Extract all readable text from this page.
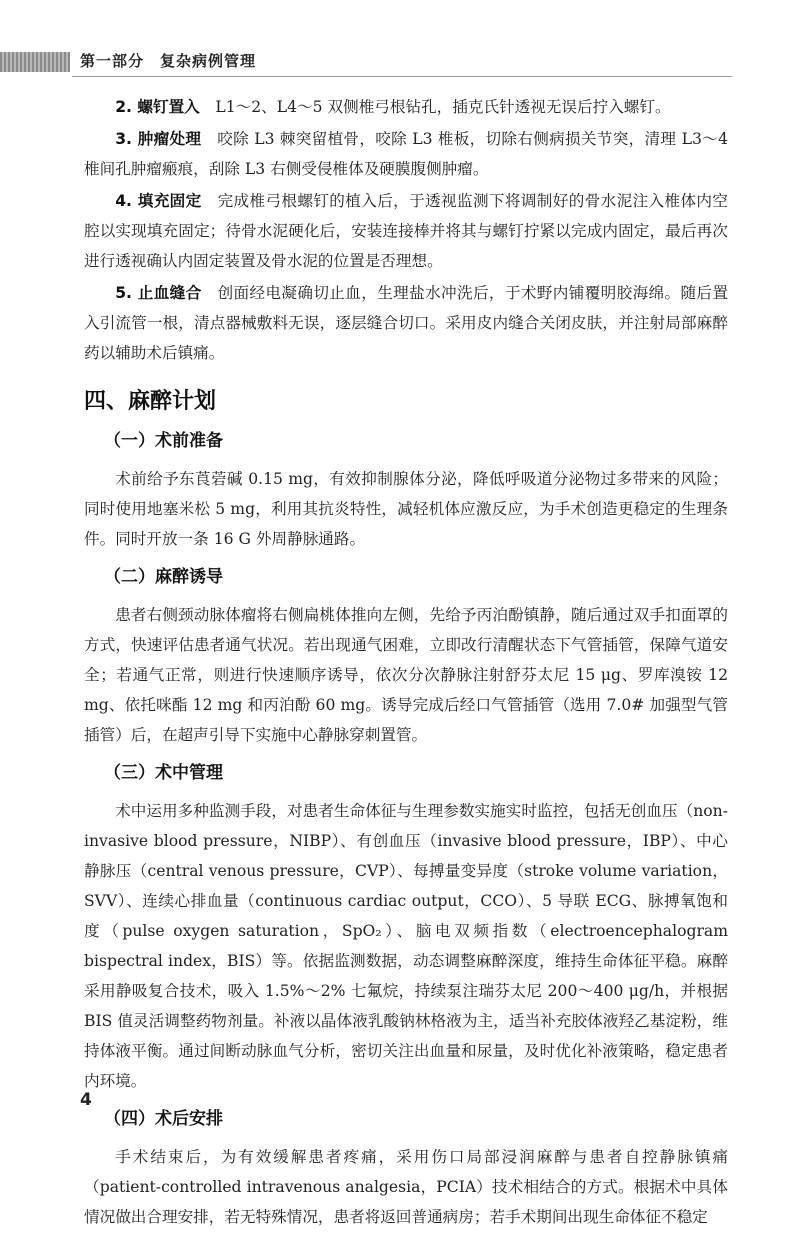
第一部分　复杂病例管理

2. 螺钉置入　 L1～2、L4～5 双侧椎弓根钻孔，插克氏针透视无误后拧入螺钉。

3. 肿瘤处理　 咬除 L3 棘突留植骨，咬除 L3 椎板，切除右侧病损关节突，清理 L3～4 椎间孔肿瘤瘢痕，刮除 L3 右侧受侵椎体及硬膜腹侧肿瘤。

4. 填充固定　 完成椎弓根螺钉的植入后，于透视监测下将调制好的骨水泥注入椎体内空腔以实现填充固定；待骨水泥硬化后，安装连接棒并将其与螺钉拧紧以完成内固定，最后再次进行透视确认内固定装置及骨水泥的位置是否理想。

5. 止血缝合　 创面经电凝确切止血，生理盐水冲洗后，于术野内铺覆明胶海绵。随后置入引流管一根，清点器械敷料无误，逐层缝合切口。采用皮内缝合关闭皮肤，并注射局部麻醉药以辅助术后镇痛。

四、麻醉计划
（一）术前准备

术前给予东莨菪碱 0.15 mg，有效抑制腺体分泌，降低呼吸道分泌物过多带来的风险；同时使用地塞米松 5 mg，利用其抗炎特性，减轻机体应激反应，为手术创造更稳定的生理条件。同时开放一条 16 G 外周静脉通路。

（二）麻醉诱导

患者右侧颈动脉体瘤将右侧扁桃体推向左侧，先给予丙泊酚镇静，随后通过双手扣面罩的方式，快速评估患者通气状况。若出现通气困难，立即改行清醒状态下气管插管，保障气道安全；若通气正常，则进行快速顺序诱导，依次分次静脉注射舒芬太尼 15 μg、罗库溴铵 12 mg、依托咪酯 12 mg 和丙泊酚 60 mg。诱导完成后经口气管插管（选用 7.0# 加强型气管插管）后，在超声引导下实施中心静脉穿刺置管。

（三）术中管理

术中运用多种监测手段，对患者生命体征与生理参数实施实时监控，包括无创血压（non-invasive blood pressure，NIBP）、有创血压（invasive blood pressure，IBP）、中心静脉压（central venous pressure，CVP）、每搏量变异度（stroke volume variation，SVV）、连续心排血量（continuous cardiac output，CCO）、5 导联 ECG、脉搏氧饱和度（pulse oxygen saturation，SpO₂）、脑电双频指数（electroencephalogram bispectral index，BIS）等。依据监测数据，动态调整麻醉深度，维持生命体征平稳。麻醉采用静吸复合技术，吸入 1.5%～2% 七氟烷，持续泵注瑞芬太尼 200～400 μg/h，并根据 BIS 值灵活调整药物剂量。补液以晶体液乳酸钠林格液为主，适当补充胶体液羟乙基淀粉，维持体液平衡。通过间断动脉血气分析，密切关注出血量和尿量，及时优化补液策略，稳定患者内环境。

（四）术后安排

手术结束后，为有效缓解患者疼痛，采用伤口局部浸润麻醉与患者自控静脉镇痛（patient-controlled intravenous analgesia，PCIA）技术相结合的方式。根据术中具体情况做出合理安排，若无特殊情况，患者将返回普通病房；若手术期间出现生命体征不稳定

4
